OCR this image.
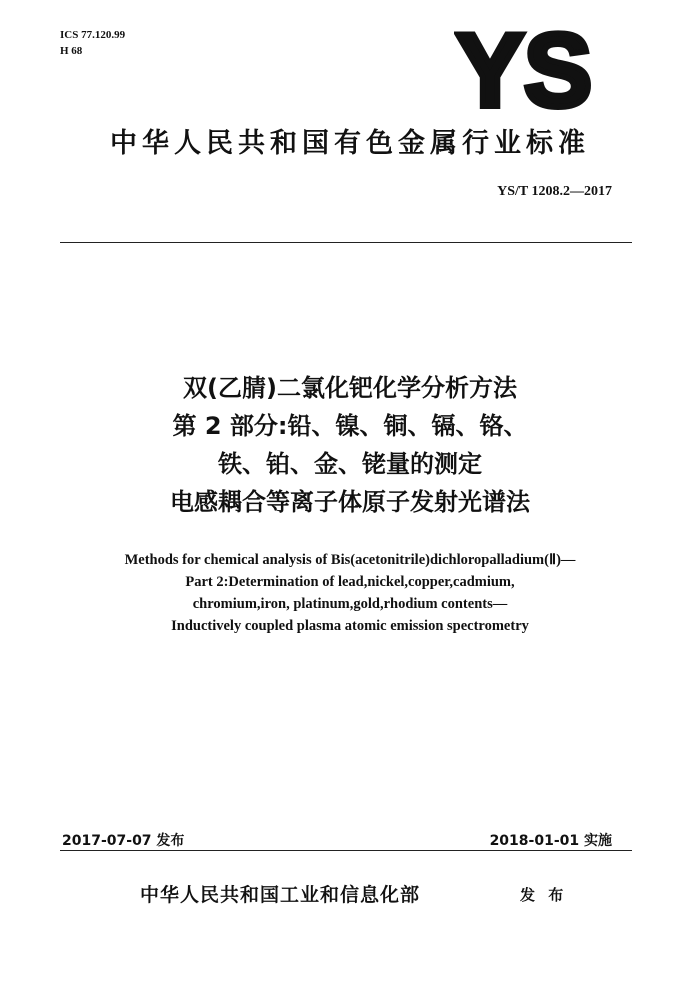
ICS 77.120.99
H 68	YS
中华人民共和国有色金属行业标准
YS/T 1208.2—2017
双(乙腈)二氯化钯化学分析方法
第 2 部分:铅、镍、铜、镉、铬、
铁、铂、金、铑量的测定
电感耦合等离子体原子发射光谱法
Methods for chemical analysis of Bis(acetonitrile)dichloropalladium(Ⅱ)—
Part 2:Determination of lead,nickel,copper,cadmium,
chromium,iron, platinum,gold,rhodium contents—
Inductively coupled plasma atomic emission spectrometry
2017-07-07 发布	2018-01-01 实施
中华人民共和国工业和信息化部	发 布
